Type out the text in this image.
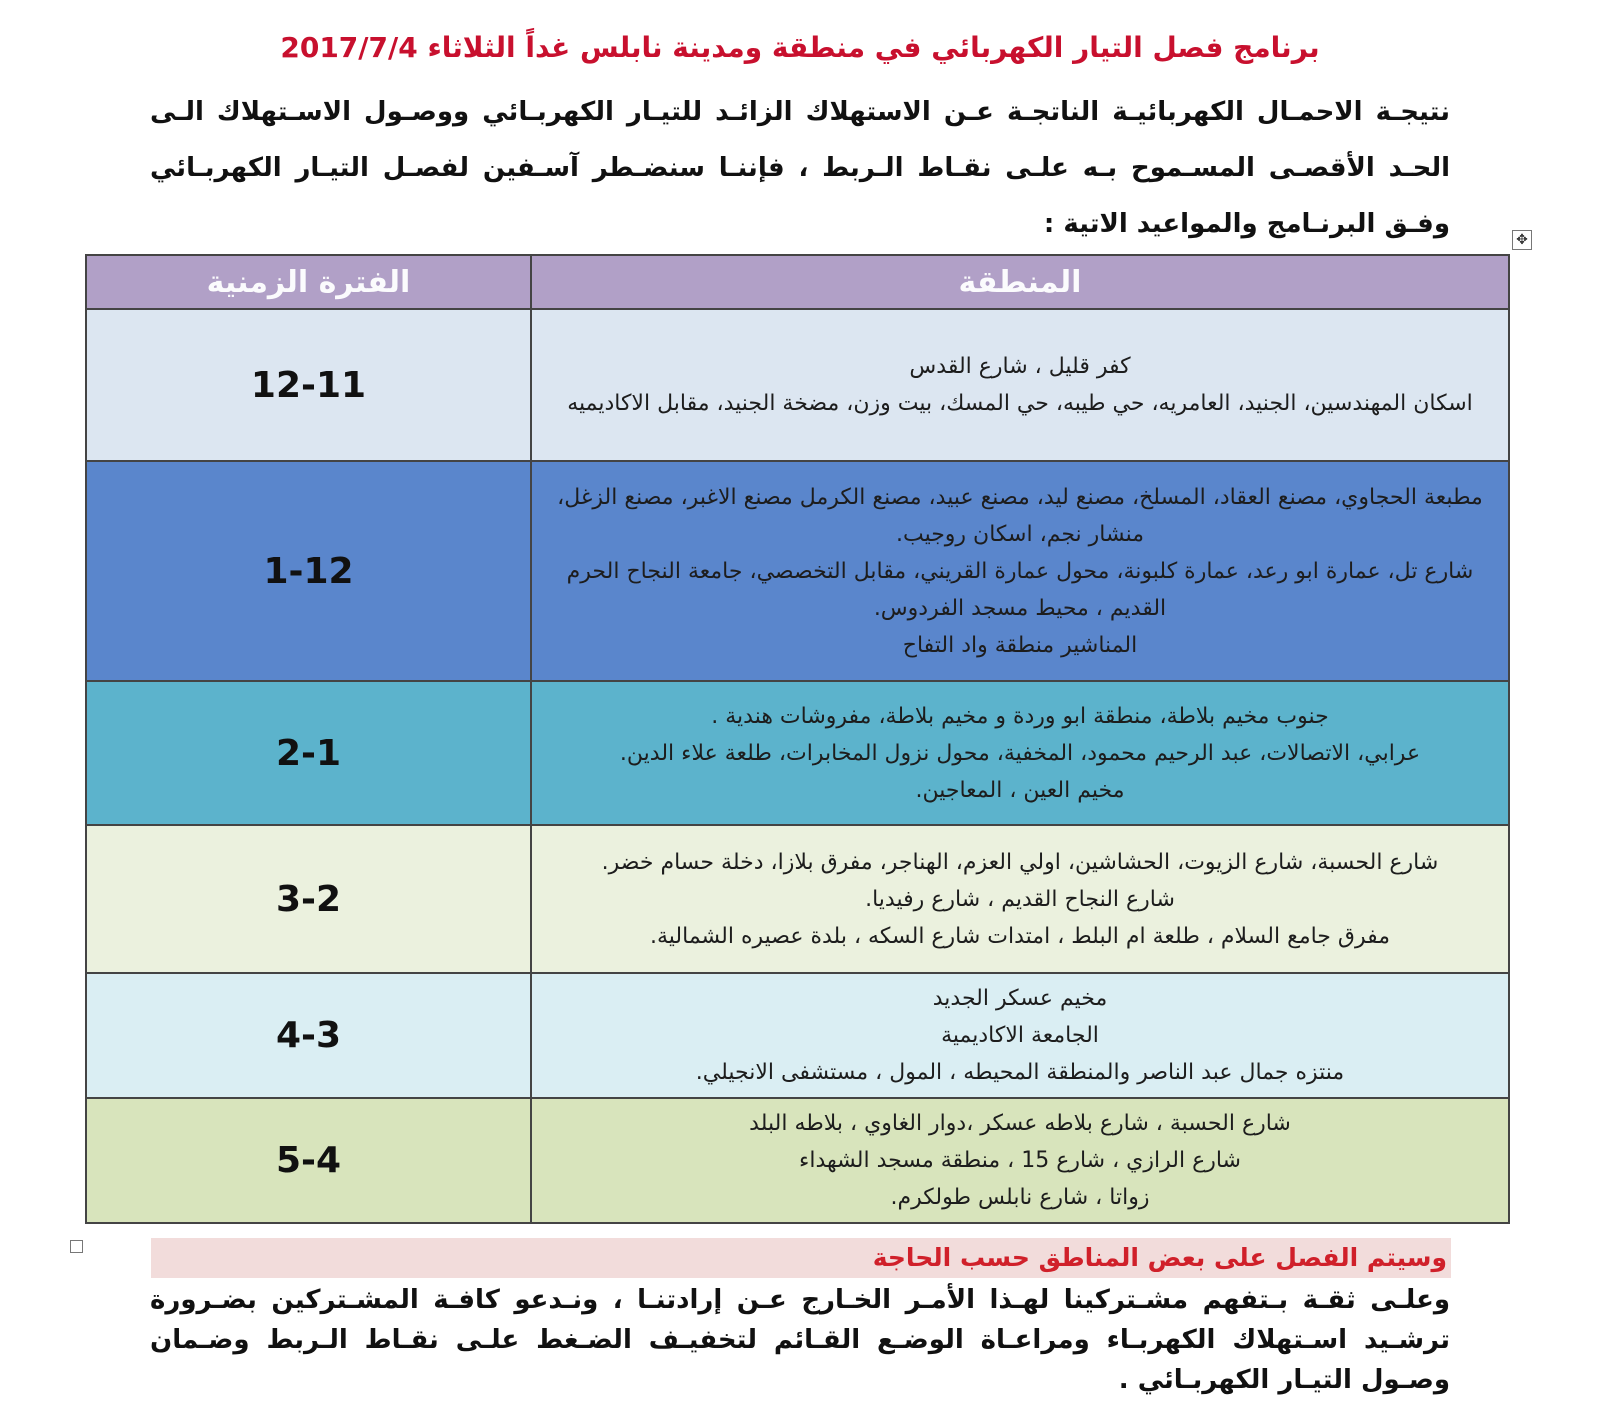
برنامج فصل التيار الكهربائي في منطقة ومدينة نابلس غداً الثلاثاء 2017/7/4
نتيجـة الاحمـال الكهربائيـة الناتجـة عـن الاستهلاك الزائـد للتيـار الكهربـائي ووصـول الاسـتهلاك الـى الحـد الأقصـى المسـموح بـه علـى نقـاط الـربط ، فإننـا سنضـطر آسـفين لفصـل التيـار الكهربـائي وفـق البرنـامج والمواعيد الاتية :
✥
المنطقة	الفترة الزمنية

كفر قليل ، شارع القدس
اسكان المهندسين، الجنيد، العامريه، حي طيبه، حي المسك، بيت وزن، مضخة الجنيد، مقابل الاكاديميه	12-11

مطبعة الحجاوي، مصنع العقاد، المسلخ، مصنع ليد، مصنع عبيد، مصنع الكرمل مصنع الاغبر، مصنع الزغل، منشار نجم، اسكان روجيب.
شارع تل، عمارة ابو رعد، عمارة كلبونة، محول عمارة القريني، مقابل التخصصي، جامعة النجاح الحرم القديم ، محيط مسجد الفردوس.
المناشير منطقة واد التفاح	1-12

جنوب مخيم بلاطة، منطقة ابو وردة و مخيم بلاطة، مفروشات هندية .
عرابي، الاتصالات، عبد الرحيم محمود، المخفية، محول نزول المخابرات، طلعة علاء الدين.
مخيم العين ، المعاجين.	2-1

شارع الحسبة، شارع الزيوت، الحشاشين، اولي العزم، الهناجر، مفرق بلازا، دخلة حسام خضر.
شارع النجاح القديم ، شارع رفيديا.
مفرق جامع السلام ، طلعة ام البلط ، امتدات شارع السكه ، بلدة عصيره الشمالية.	3-2

مخيم عسكر الجديد
الجامعة الاكاديمية
منتزه جمال عبد الناصر والمنطقة المحيطه ، المول ، مستشفى الانجيلي.	4-3

شارع الحسبة ، شارع بلاطه عسكر ،دوار الغاوي ، بلاطه البلد
شارع الرازي ، شارع 15 ، منطقة مسجد الشهداء
زواتا ، شارع نابلس طولكرم.	5-4
وسيتم الفصل على بعض المناطق حسب الحاجة
وعلـى ثقـة بـتفهم مشـتركينا لهـذا الأمـر الخـارج عـن إرادتنـا ، ونـدعو كافـة المشـتركين بضـرورة ترشـيد اسـتهلاك الكهربـاء ومراعـاة الوضـع القـائم لتخفيـف الضـغط علـى نقـاط الـربط وضـمان وصـول التيـار الكهربـائي .
